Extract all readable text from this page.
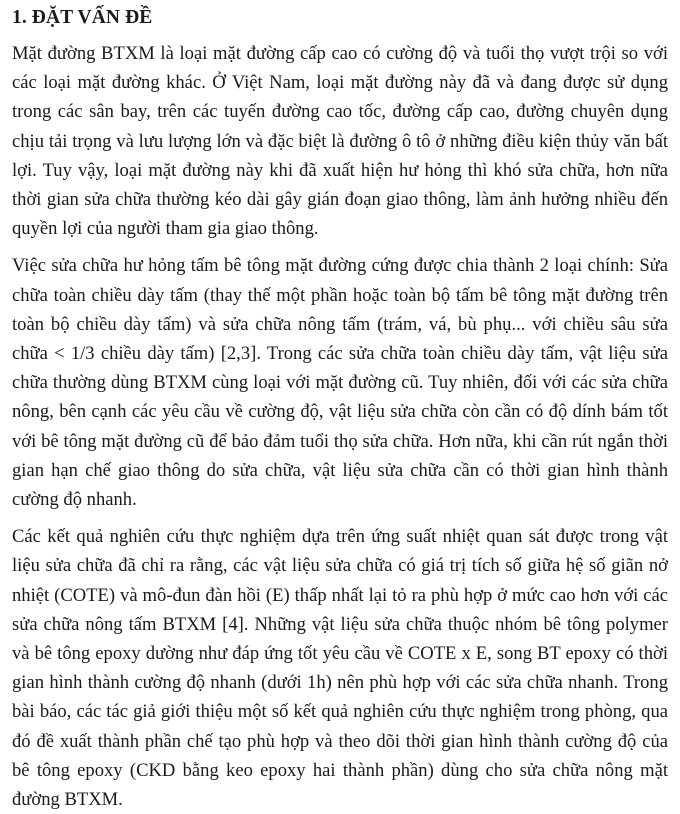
1. ĐẶT VẤN ĐỀ

Mặt đường BTXM là loại mặt đường cấp cao có cường độ và tuổi thọ vượt trội so với các loại mặt đường khác. Ở Việt Nam, loại mặt đường này đã và đang được sử dụng trong các sân bay, trên các tuyến đường cao tốc, đường cấp cao, đường chuyên dụng chịu tải trọng và lưu lượng lớn và đặc biệt là đường ô tô ở những điều kiện thủy văn bất lợi. Tuy vậy, loại mặt đường này khi đã xuất hiện hư hỏng thì khó sửa chữa, hơn nữa thời gian sửa chữa thường kéo dài gây gián đoạn giao thông, làm ảnh hưởng nhiều đến quyền lợi của người tham gia giao thông.

Việc sửa chữa hư hỏng tấm bê tông mặt đường cứng được chia thành 2 loại chính: Sửa chữa toàn chiều dày tấm (thay thế một phần hoặc toàn bộ tấm bê tông mặt đường trên toàn bộ chiều dày tấm) và sửa chữa nông tấm (trám, vá, bù phụ... với chiều sâu sửa chữa < 1/3 chiều dày tấm) [2,3]. Trong các sửa chữa toàn chiều dày tấm, vật liệu sửa chữa thường dùng BTXM cùng loại với mặt đường cũ. Tuy nhiên, đối với các sửa chữa nông, bên cạnh các yêu cầu về cường độ, vật liệu sửa chữa còn cần có độ dính bám tốt với bê tông mặt đường cũ để bảo đảm tuổi thọ sửa chữa. Hơn nữa, khi cần rút ngắn thời gian hạn chế giao thông do sửa chữa, vật liệu sửa chữa cần có thời gian hình thành cường độ nhanh.

Các kết quả nghiên cứu thực nghiệm dựa trên ứng suất nhiệt quan sát được trong vật liệu sửa chữa đã chỉ ra rằng, các vật liệu sửa chữa có giá trị tích số giữa hệ số giãn nở nhiệt (COTE) và mô-đun đàn hồi (E) thấp nhất lại tỏ ra phù hợp ở mức cao hơn với các sửa chữa nông tấm BTXM [4]. Những vật liệu sửa chữa thuộc nhóm bê tông polymer và bê tông epoxy dường như đáp ứng tốt yêu cầu về COTE x E, song BT epoxy có thời gian hình thành cường độ nhanh (dưới 1h) nên phù hợp với các sửa chữa nhanh. Trong bài báo, các tác giả giới thiệu một số kết quả nghiên cứu thực nghiệm trong phòng, qua đó đề xuất thành phần chế tạo phù hợp và theo dõi thời gian hình thành cường độ của bê tông epoxy (CKD bằng keo epoxy hai thành phần) dùng cho sửa chữa nông mặt đường BTXM.
